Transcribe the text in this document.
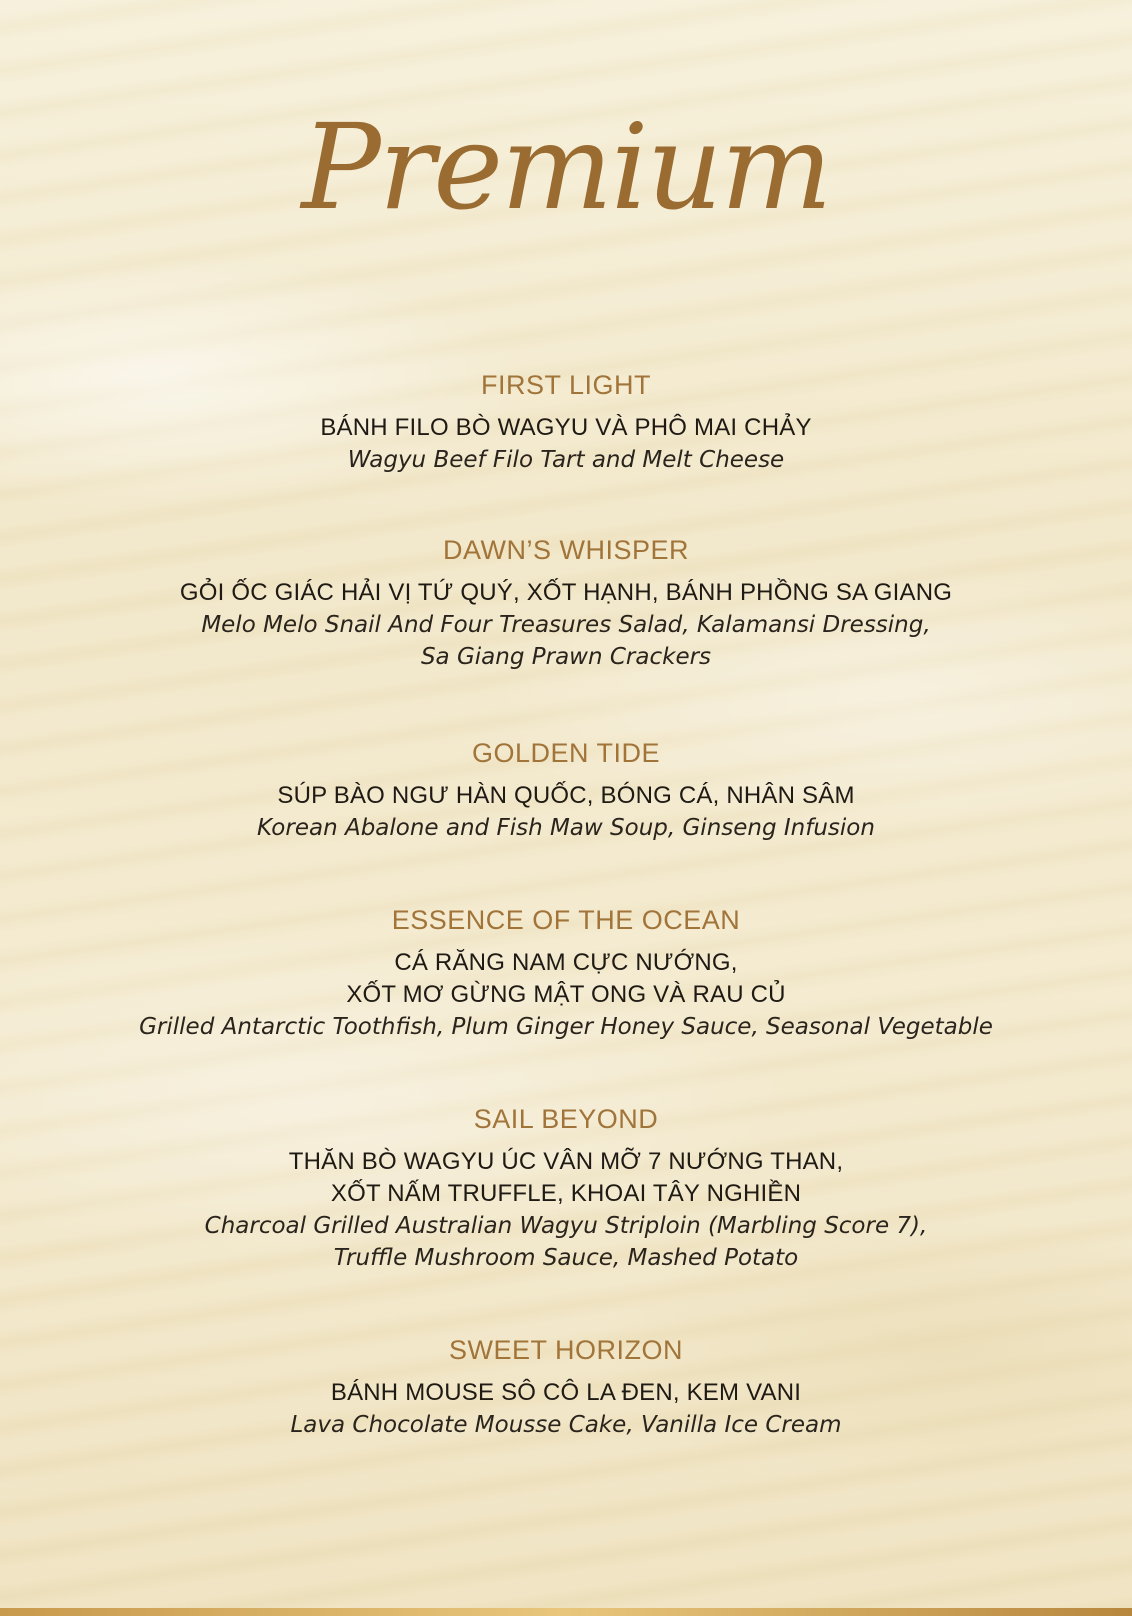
Premium
FIRST LIGHT
BÁNH FILO BÒ WAGYU VÀ PHÔ MAI CHẢY
Wagyu Beef Filo Tart and Melt Cheese
DAWN’S WHISPER
GỎI ỐC GIÁC HẢI VỊ TỨ QUÝ, XỐT HẠNH, BÁNH PHỒNG SA GIANG
Melo Melo Snail And Four Treasures Salad, Kalamansi Dressing,
Sa Giang Prawn Crackers
GOLDEN TIDE
SÚP BÀO NGƯ HÀN QUỐC, BÓNG CÁ, NHÂN SÂM
Korean Abalone and Fish Maw Soup, Ginseng Infusion
ESSENCE OF THE OCEAN
CÁ RĂNG NAM CỰC NƯỚNG,
XỐT MƠ GỪNG MẬT ONG VÀ RAU CỦ
Grilled Antarctic Toothfish, Plum Ginger Honey Sauce, Seasonal Vegetable
SAIL BEYOND
THĂN BÒ WAGYU ÚC VÂN MỠ 7 NƯỚNG THAN,
XỐT NẤM TRUFFLE, KHOAI TÂY NGHIỀN
Charcoal Grilled Australian Wagyu Striploin (Marbling Score 7),
Truffle Mushroom Sauce, Mashed Potato
SWEET HORIZON
BÁNH MOUSE SÔ CÔ LA ĐEN, KEM VANI
Lava Chocolate Mousse Cake, Vanilla Ice Cream
